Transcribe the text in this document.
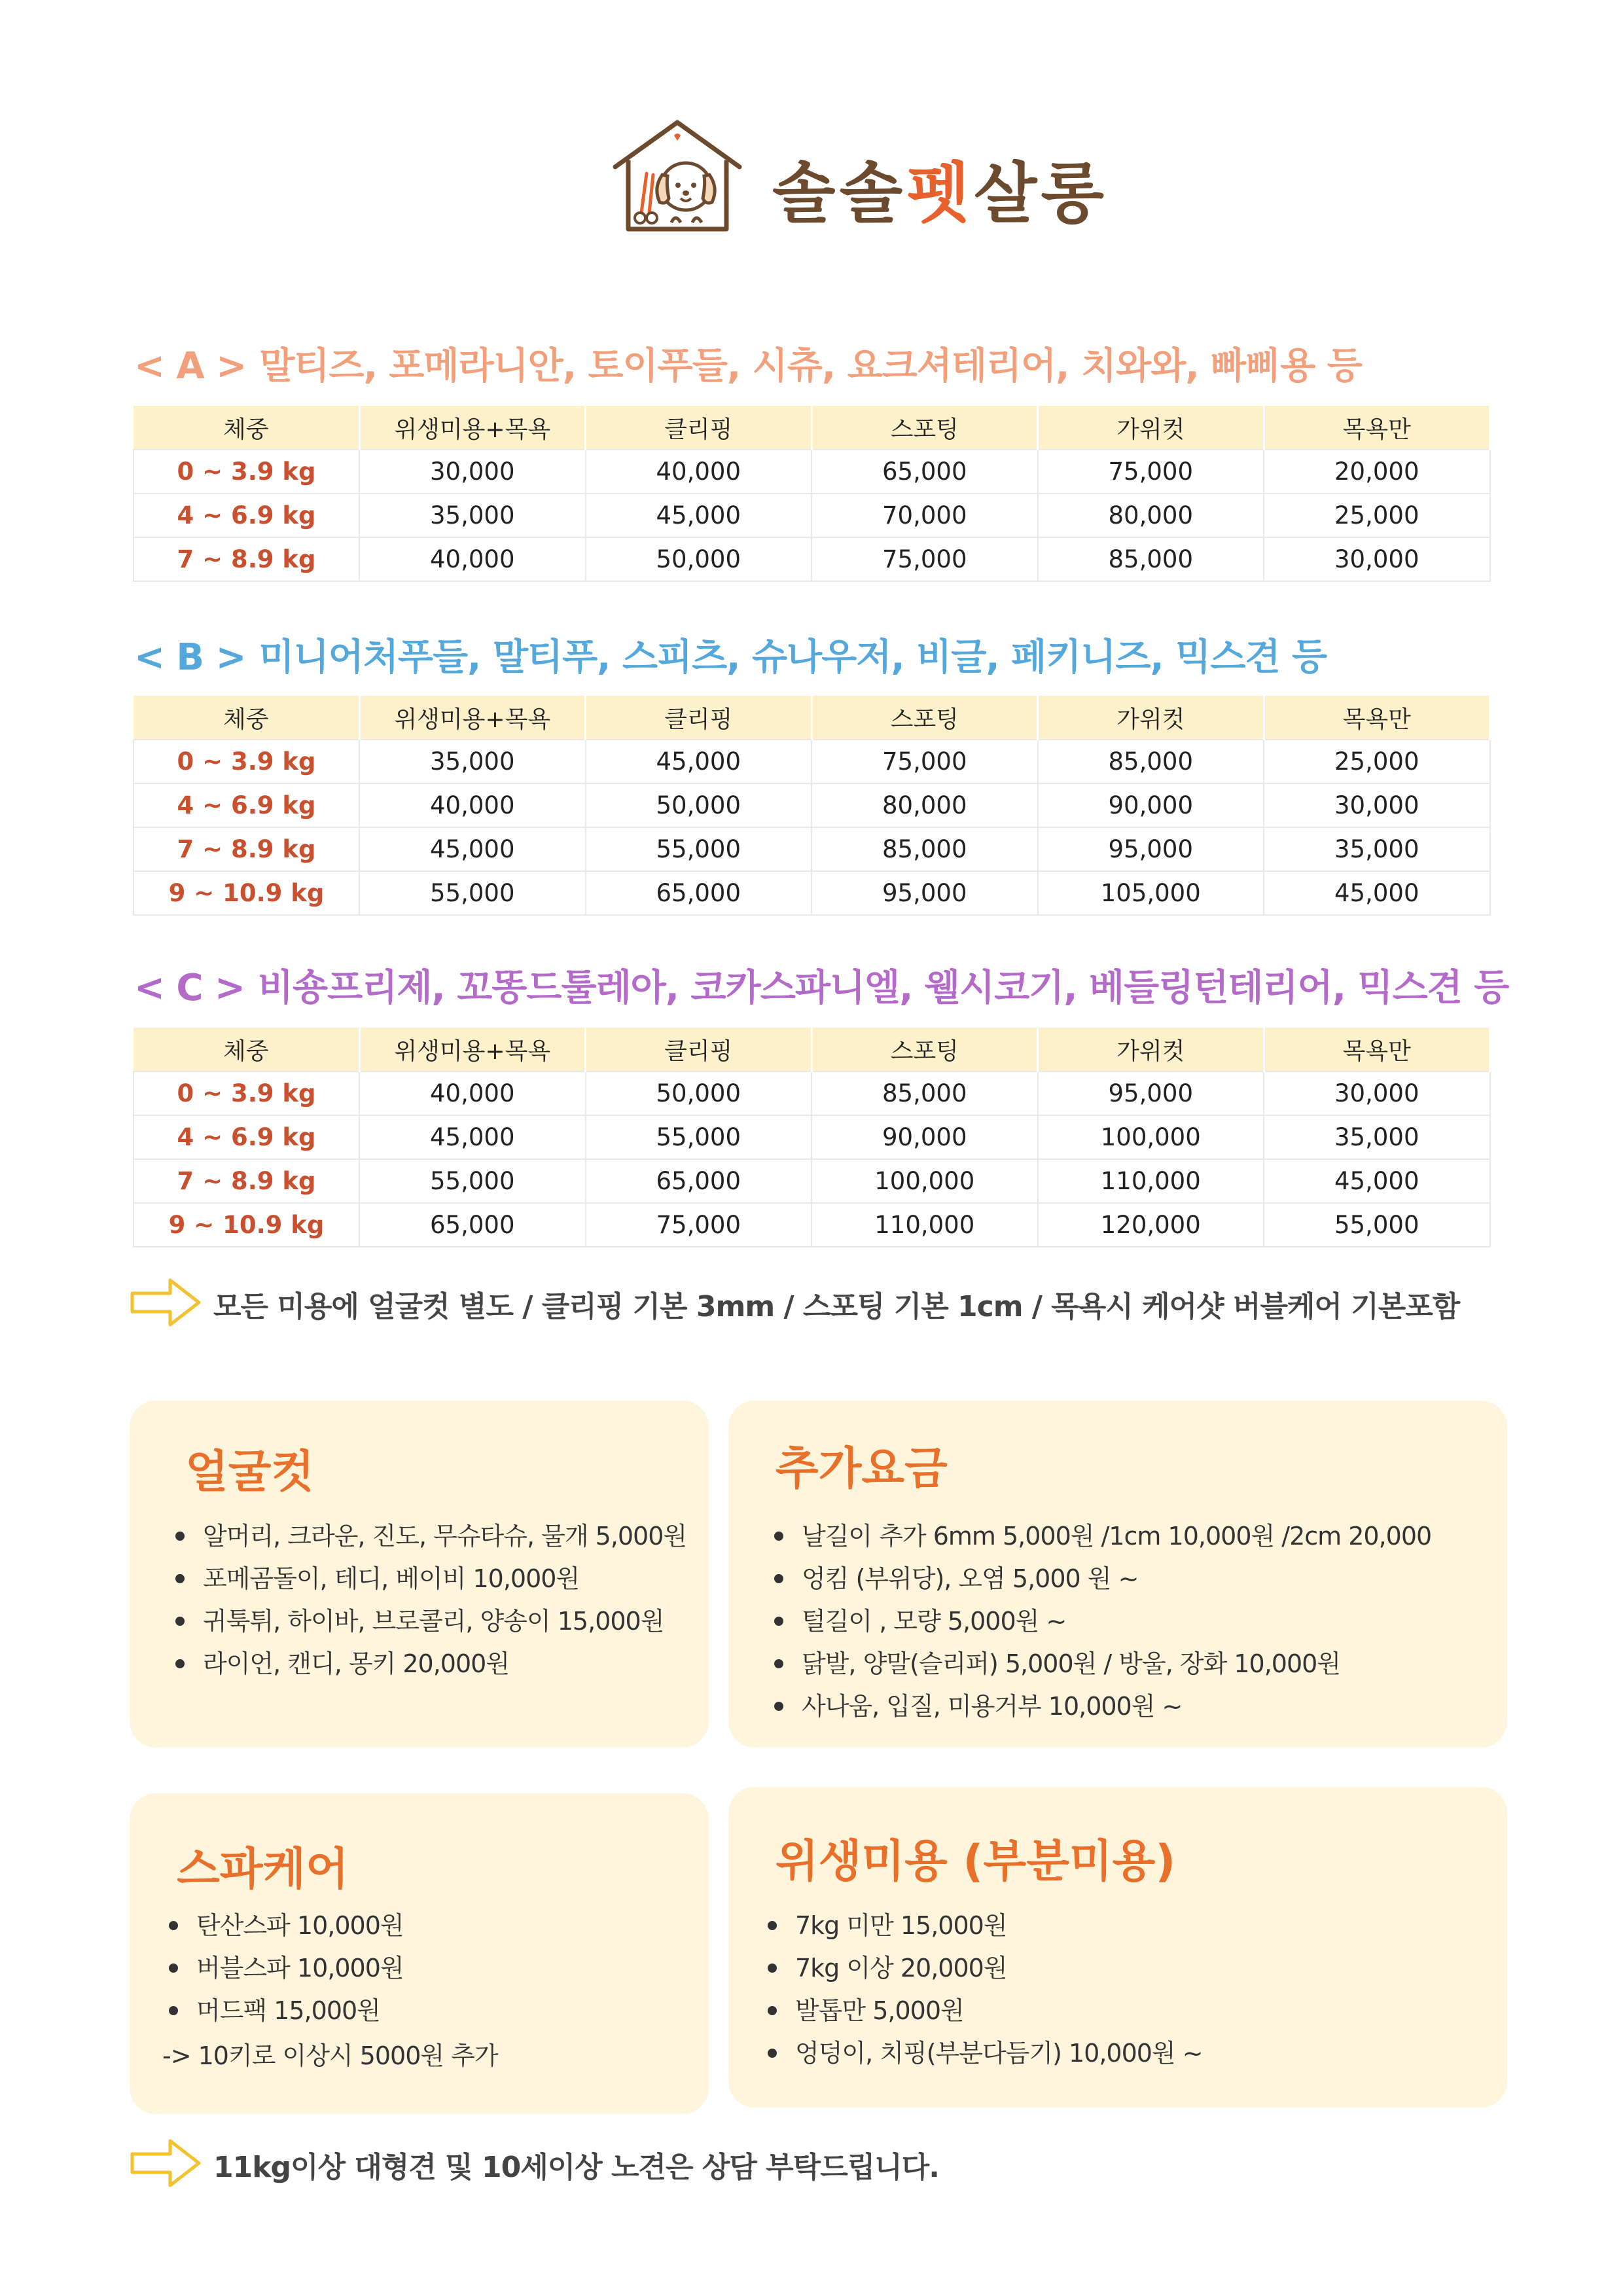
솔솔펫살롱
< A > 말티즈, 포메라니안, 토이푸들, 시츄, 요크셔테리어, 치와와, 빠삐용 등
체중	위생미용+목욕	클리핑	스포팅	가위컷	목욕만
0 ~ 3.9 kg	30,000	40,000	65,000	75,000	20,000
4 ~ 6.9 kg	35,000	45,000	70,000	80,000	25,000
7 ~ 8.9 kg	40,000	50,000	75,000	85,000	30,000
< B > 미니어처푸들, 말티푸, 스피츠, 슈나우저, 비글, 페키니즈, 믹스견 등
체중	위생미용+목욕	클리핑	스포팅	가위컷	목욕만
0 ~ 3.9 kg	35,000	45,000	75,000	85,000	25,000
4 ~ 6.9 kg	40,000	50,000	80,000	90,000	30,000
7 ~ 8.9 kg	45,000	55,000	85,000	95,000	35,000
9 ~ 10.9 kg	55,000	65,000	95,000	105,000	45,000
< C > 비숑프리제, 꼬똥드툴레아, 코카스파니엘, 웰시코기, 베들링턴테리어, 믹스견 등
체중	위생미용+목욕	클리핑	스포팅	가위컷	목욕만
0 ~ 3.9 kg	40,000	50,000	85,000	95,000	30,000
4 ~ 6.9 kg	45,000	55,000	90,000	100,000	35,000
7 ~ 8.9 kg	55,000	65,000	100,000	110,000	45,000
9 ~ 10.9 kg	65,000	75,000	110,000	120,000	55,000
모든 미용에 얼굴컷 별도 / 클리핑 기본 3mm / 스포팅 기본 1cm / 목욕시 케어샷 버블케어 기본포함
얼굴컷
알머리, 크라운, 진도, 무슈타슈, 물개 5,000원
포메곰돌이, 테디, 베이비 10,000원
귀툭튀, 하이바, 브로콜리, 양송이 15,000원
라이언, 캔디, 몽키 20,000원
추가요금
날길이 추가 6mm 5,000원 /1cm 10,000원 /2cm 20,000
엉킴 (부위당), 오염 5,000 원 ~
털길이 , 모량 5,000원 ~
닭발, 양말(슬리퍼) 5,000원 / 방울, 장화 10,000원
사나움, 입질, 미용거부 10,000원 ~
스파케어
탄산스파 10,000원
버블스파 10,000원
머드팩 15,000원
-> 10키로 이상시 5000원 추가
위생미용 (부분미용)
7kg 미만 15,000원
7kg 이상 20,000원
발톱만 5,000원
엉덩이, 치핑(부분다듬기) 10,000원 ~
11kg이상 대형견 및 10세이상 노견은 상담 부탁드립니다.
